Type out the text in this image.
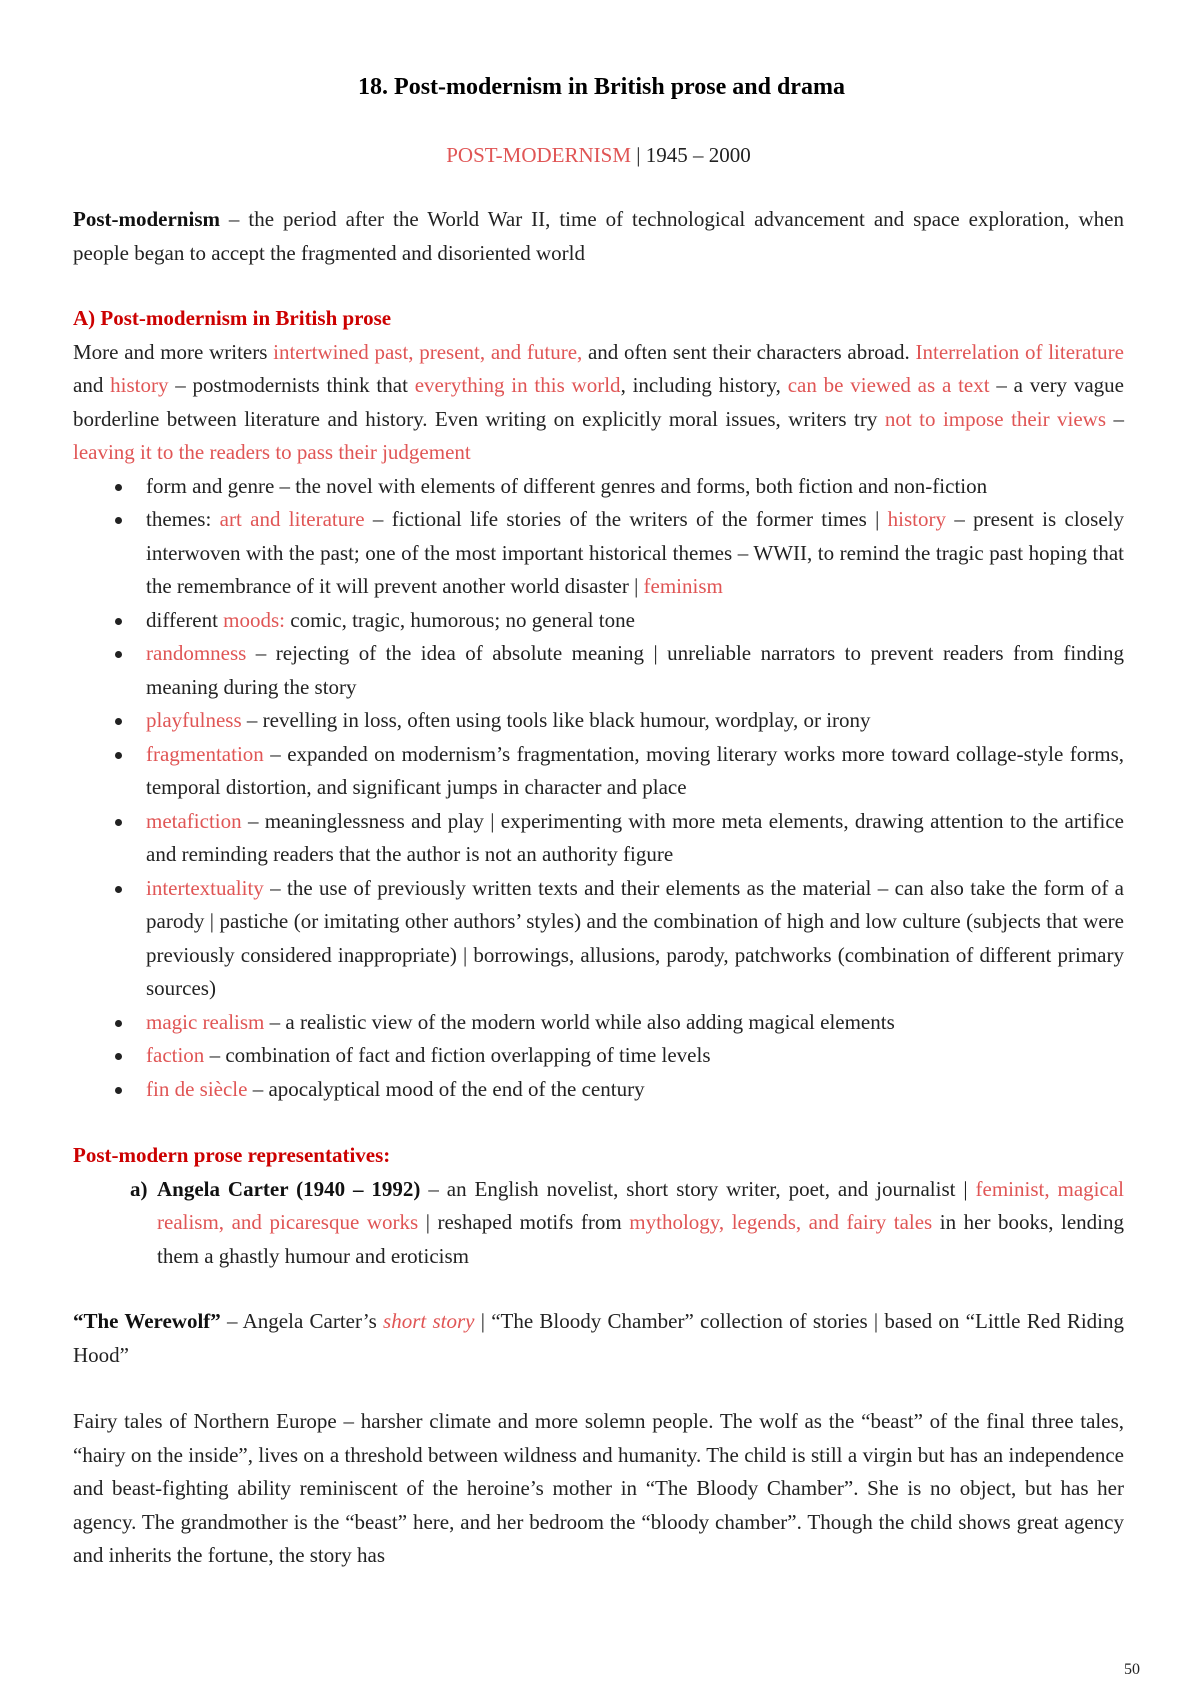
18. Post-modernism in British prose and drama
POST-MODERNISM | 1945 – 2000

Post-modernism – the period after the World War II, time of technological advancement and space exploration, when people began to accept the fragmented and disoriented world

A) Post-modernism in British prose

More and more writers intertwined past, present, and future, and often sent their characters abroad. Interrelation of literature and history – postmodernists think that everything in this world, including history, can be viewed as a text – a very vague borderline between literature and history. Even writing on explicitly moral issues, writers try not to impose their views – leaving it to the readers to pass their judgement

form and genre – the novel with elements of different genres and forms, both fiction and non-fiction
themes: art and literature – fictional life stories of the writers of the former times | history – present is closely interwoven with the past; one of the most important historical themes – WWII, to remind the tragic past hoping that the remembrance of it will prevent another world disaster | feminism
different moods: comic, tragic, humorous; no general tone
randomness – rejecting of the idea of absolute meaning | unreliable narrators to prevent readers from finding meaning during the story
playfulness – revelling in loss, often using tools like black humour, wordplay, or irony
fragmentation – expanded on modernism’s fragmentation, moving literary works more toward collage-style forms, temporal distortion, and significant jumps in character and place
metafiction – meaninglessness and play | experimenting with more meta elements, drawing attention to the artifice and reminding readers that the author is not an authority figure
intertextuality – the use of previously written texts and their elements as the material – can also take the form of a parody | pastiche (or imitating other authors’ styles) and the combination of high and low culture (subjects that were previously considered inappropriate) | borrowings, allusions, parody, patchworks (combination of different primary sources)
magic realism – a realistic view of the modern world while also adding magical elements
faction – combination of fact and fiction overlapping of time levels
fin de siècle – apocalyptical mood of the end of the century
Post-modern prose representatives:
a) Angela Carter (1940 – 1992) – an English novelist, short story writer, poet, and journalist | feminist, magical realism, and picaresque works | reshaped motifs from mythology, legends, and fairy tales in her books, lending them a ghastly humour and eroticism

“The Werewolf” – Angela Carter’s short story | “The Bloody Chamber” collection of stories | based on “Little Red Riding Hood”

Fairy tales of Northern Europe – harsher climate and more solemn people. The wolf as the “beast” of the final three tales, “hairy on the inside”, lives on a threshold between wildness and humanity. The child is still a virgin but has an independence and beast-fighting ability reminiscent of the heroine’s mother in “The Bloody Chamber”. She is no object, but has her agency. The grandmother is the “beast” here, and her bedroom the “bloody chamber”. Though the child shows great agency and inherits the fortune, the story has

50
